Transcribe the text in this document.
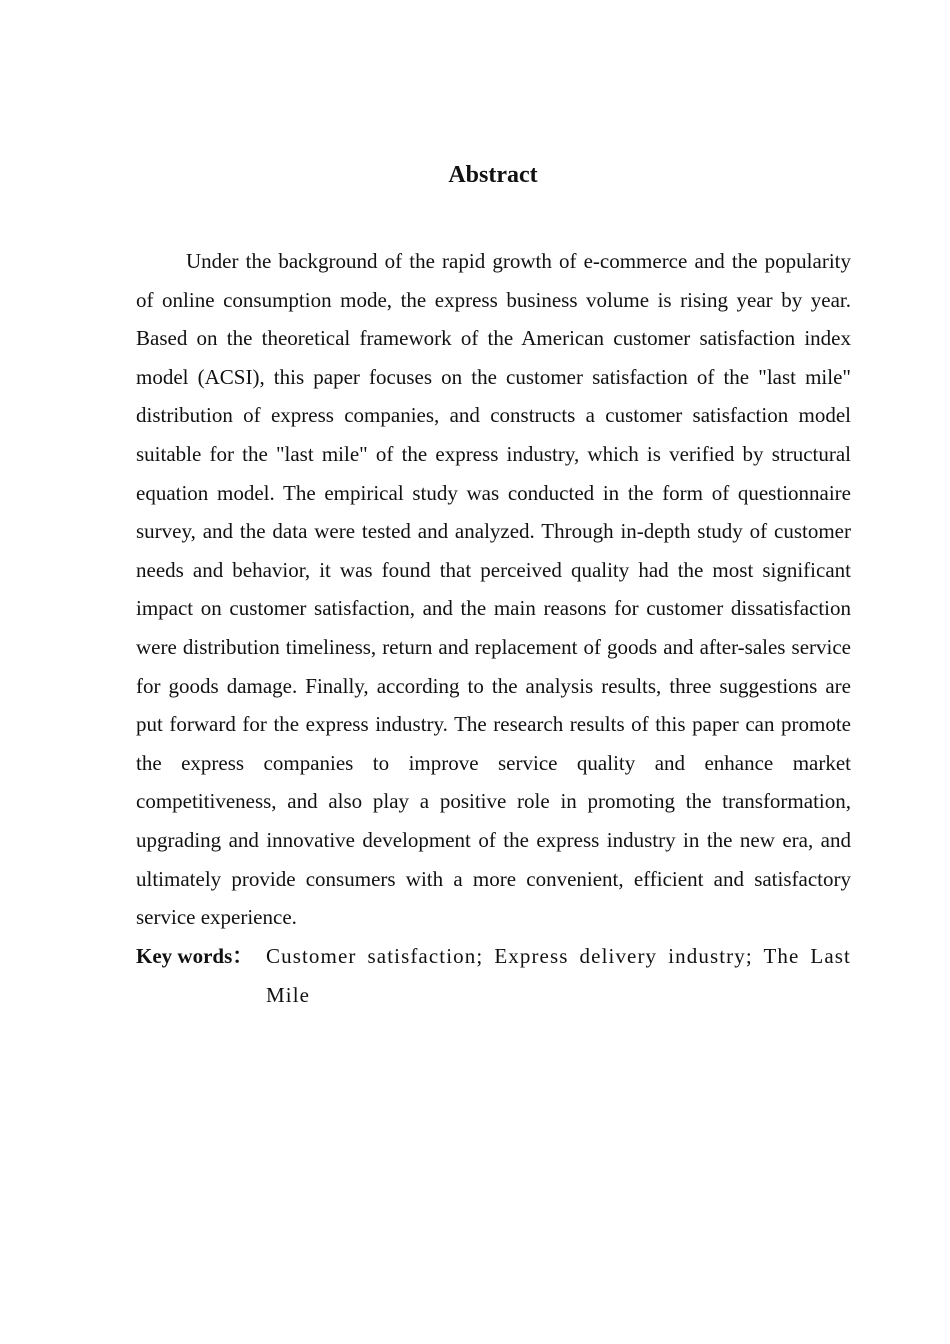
Abstract

Under the background of the rapid growth of e-commerce and the popularity of online consumption mode, the express business volume is rising year by year. Based on the theoretical framework of the American customer satisfaction index model (ACSI), this paper focuses on the customer satisfaction of the "last mile" distribution of express companies, and constructs a customer satisfaction model suitable for the "last mile" of the express industry, which is verified by structural equation model. The empirical study was conducted in the form of questionnaire survey, and the data were tested and analyzed. Through in-depth study of customer needs and behavior, it was found that perceived quality had the most significant impact on customer satisfaction, and the main reasons for customer dissatisfaction were distribution timeliness, return and replacement of goods and after-sales service for goods damage. Finally, according to the analysis results, three suggestions are put forward for the express industry. The research results of this paper can promote the express companies to improve service quality and enhance market competitiveness, and also play a positive role in promoting the transformation, upgrading and innovative development of the express industry in the new era, and ultimately provide consumers with a more convenient, efficient and satisfactory service experience.

Key words： Customer satisfaction; Express delivery industry; The Last Mile
